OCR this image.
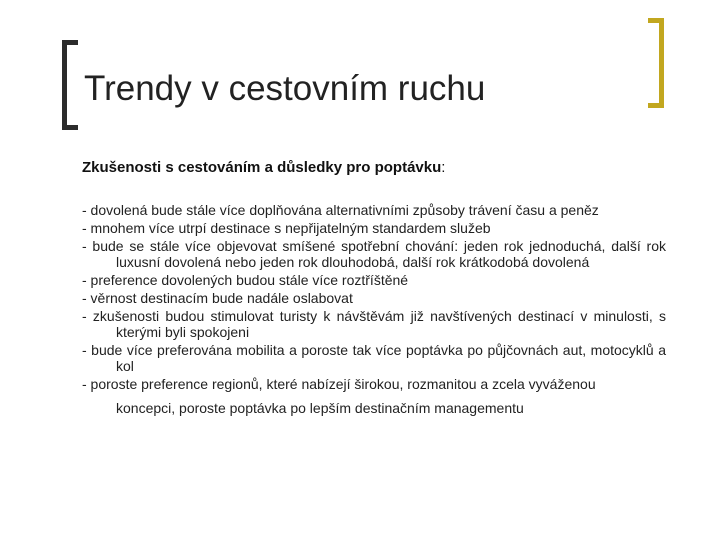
Trendy v cestovním ruchu

Zkušenosti s cestováním a důsledky pro poptávku:

- dovolená bude stále více doplňována alternativními způsoby trávení času a peněz
- mnohem více utrpí destinace s nepřijatelným standardem služeb
- bude se stále více objevovat smíšené spotřební chování: jeden rok jednoduchá, další rok luxusní dovolená nebo jeden rok dlouhodobá, další rok krátkodobá dovolená
- preference dovolených budou stále více roztříštěné
- věrnost destinacím bude nadále oslabovat
- zkušenosti budou stimulovat turisty k návštěvám již navštívených destinací v minulosti, s kterými byli spokojeni
- bude více preferována mobilita a poroste tak více poptávka po půjčovnách aut, motocyklů a kol
- poroste preference regionů, které nabízejí širokou, rozmanitou a zcela vyváženou
koncepci, poroste poptávka po lepším destinačním managementu
